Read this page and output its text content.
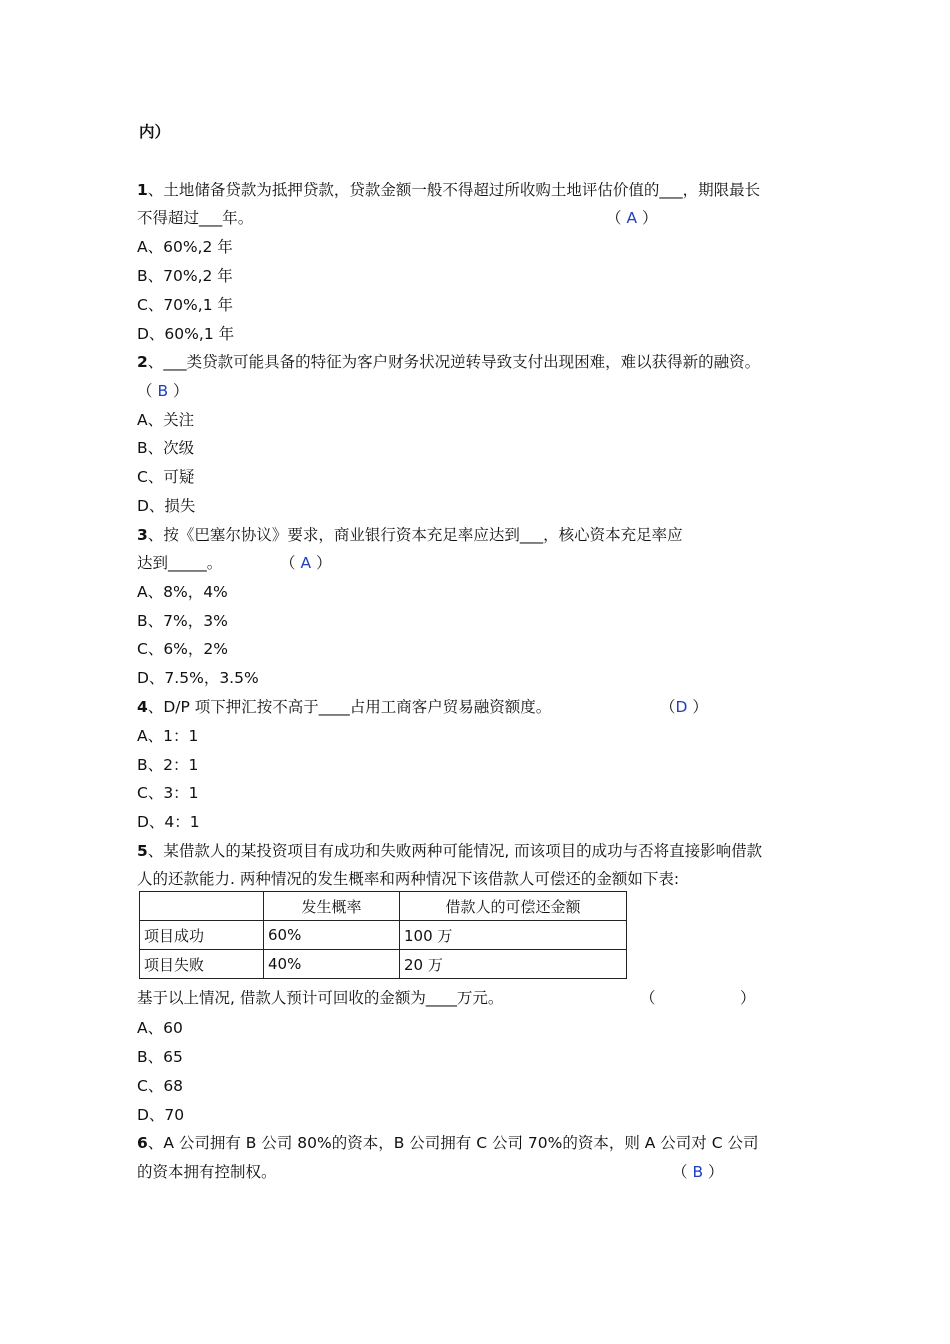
内）
1、土地储备贷款为抵押贷款，贷款金额一般不得超过所收购土地评估价值的___，期限最长
不得超过___年。	（ A ）
A、60%,2 年
B、70%,2 年
C、70%,1 年
D、60%,1 年
2、___类贷款可能具备的特征为客户财务状况逆转导致支付出现困难，难以获得新的融资。
（ B ）
A、关注
B、次级
C、可疑
D、损失
3、按《巴塞尔协议》要求，商业银行资本充足率应达到___，核心资本充足率应
达到_____。	（ A ）
A、8%，4%
B、7%，3%
C、6%，2%
D、7.5%，3.5%
4、D/P 项下押汇按不高于____占用工商客户贸易融资额度。	（D ）
A、1：1
B、2：1
C、3：1
D、4：1
5、某借款人的某投资项目有成功和失败两种可能情况, 而该项目的成功与否将直接影响借款
人的还款能力. 两种情况的发生概率和两种情况下该借款人可偿还的金额如下表:
	发生概率	借款人的可偿还金额
项目成功	60%	100 万
项目失败	40%	20 万
基于以上情况, 借款人预计可回收的金额为____万元。	（	）
A、60
B、65
C、68
D、70
6、A 公司拥有 B 公司 80%的资本，B 公司拥有 C 公司 70%的资本，则 A 公司对 C 公司
的资本拥有控制权。	（ B ）
